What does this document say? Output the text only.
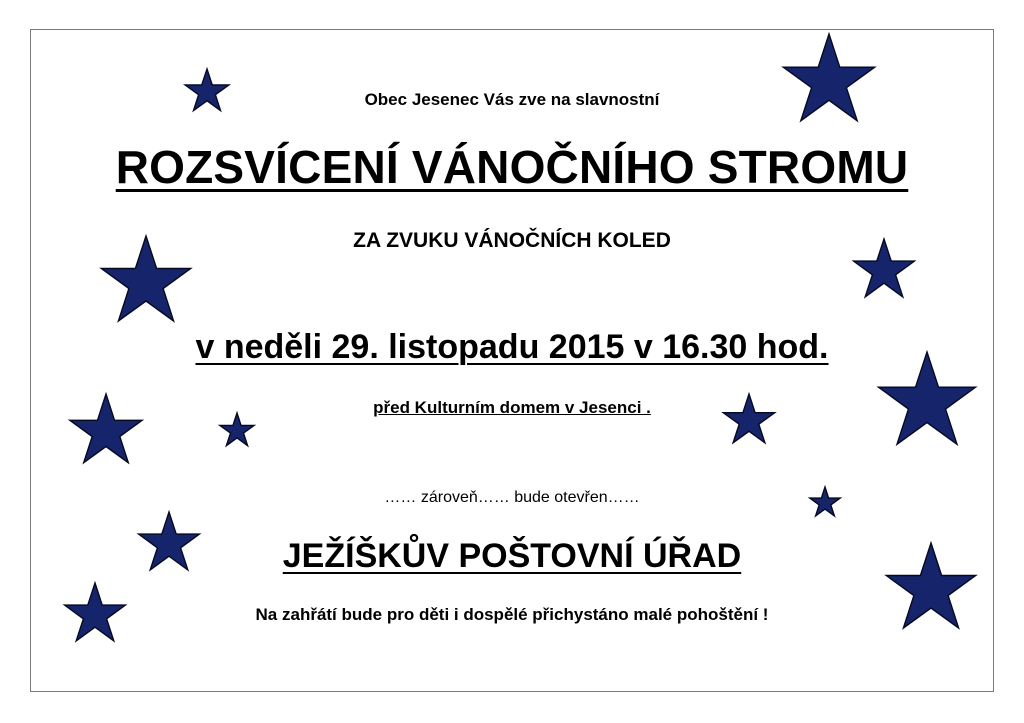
Obec Jesenec Vás zve na slavnostní
ROZSVÍCENÍ VÁNOČNÍHO STROMU
ZA ZVUKU VÁNOČNÍCH KOLED
v neděli 29. listopadu 2015 v 16.30 hod.
před Kulturním domem v Jesenci .
…… zároveň…… bude otevřen……
JEŽÍŠKŮV POŠTOVNÍ ÚŘAD
Na zahřátí bude pro děti i dospělé přichystáno malé pohoštění !
